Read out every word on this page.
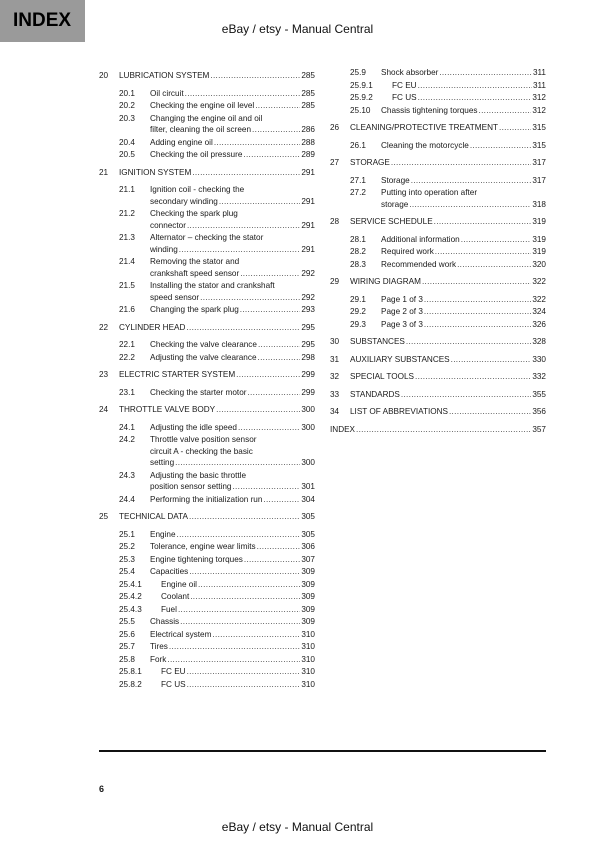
INDEX	eBay / etsy - Manual Central
20 LUBRICATION SYSTEM .....	285
20.1 Oil circuit .....	285
20.2 Checking the engine oil level .....	285
20.3 Changing the engine oil and oil
filter, cleaning the oil screen .....	286
20.4 Adding engine oil .....	288
20.5 Checking the oil pressure .....	289
21 IGNITION SYSTEM .....	291
21.1 Ignition coil - checking the
secondary winding .....	291
21.2 Checking the spark plug
connector .....	291
21.3 Alternator – checking the stator
winding .....	291
21.4 Removing the stator and
crankshaft speed sensor .....	292
21.5 Installing the stator and crankshaft
speed sensor .....	292
21.6 Changing the spark plug .....	293
22 CYLINDER HEAD .....	295
22.1 Checking the valve clearance .....	295
22.2 Adjusting the valve clearance .....	298
23 ELECTRIC STARTER SYSTEM .....	299
23.1 Checking the starter motor .....	299
24 THROTTLE VALVE BODY .....	300
24.1 Adjusting the idle speed .....	300
24.2 Throttle valve position sensor
circuit A - checking the basic
setting .....	300
24.3 Adjusting the basic throttle
position sensor setting .....	301
24.4 Performing the initialization run .....	304
25 TECHNICAL DATA .....	305
25.1 Engine .....	305
25.2 Tolerance, engine wear limits .....	306
25.3 Engine tightening torques .....	307
25.4 Capacities .....	309
25.4.1 Engine oil .....	309
25.4.2 Coolant .....	309
25.4.3 Fuel .....	309
25.5 Chassis .....	309
25.6 Electrical system .....	310
25.7 Tires .....	310
25.8 Fork .....	310
25.8.1 FC EU .....	310
25.8.2 FC US .....	310
25.9 Shock absorber .....	311
25.9.1 FC EU .....	311
25.9.2 FC US .....	312
25.10 Chassis tightening torques .....	312
26 CLEANING/PROTECTIVE TREATMENT .....	315
26.1 Cleaning the motorcycle .....	315
27 STORAGE .....	317
27.1 Storage .....	317
27.2 Putting into operation after
storage .....	318
28 SERVICE SCHEDULE .....	319
28.1 Additional information .....	319
28.2 Required work .....	319
28.3 Recommended work .....	320
29 WIRING DIAGRAM .....	322
29.1 Page 1 of 3 .....	322
29.2 Page 2 of 3 .....	324
29.3 Page 3 of 3 .....	326
30 SUBSTANCES .....	328
31 AUXILIARY SUBSTANCES .....	330
32 SPECIAL TOOLS .....	332
33 STANDARDS .....	355
34 LIST OF ABBREVIATIONS .....	356
INDEX .....	357
6
eBay / etsy - Manual Central
